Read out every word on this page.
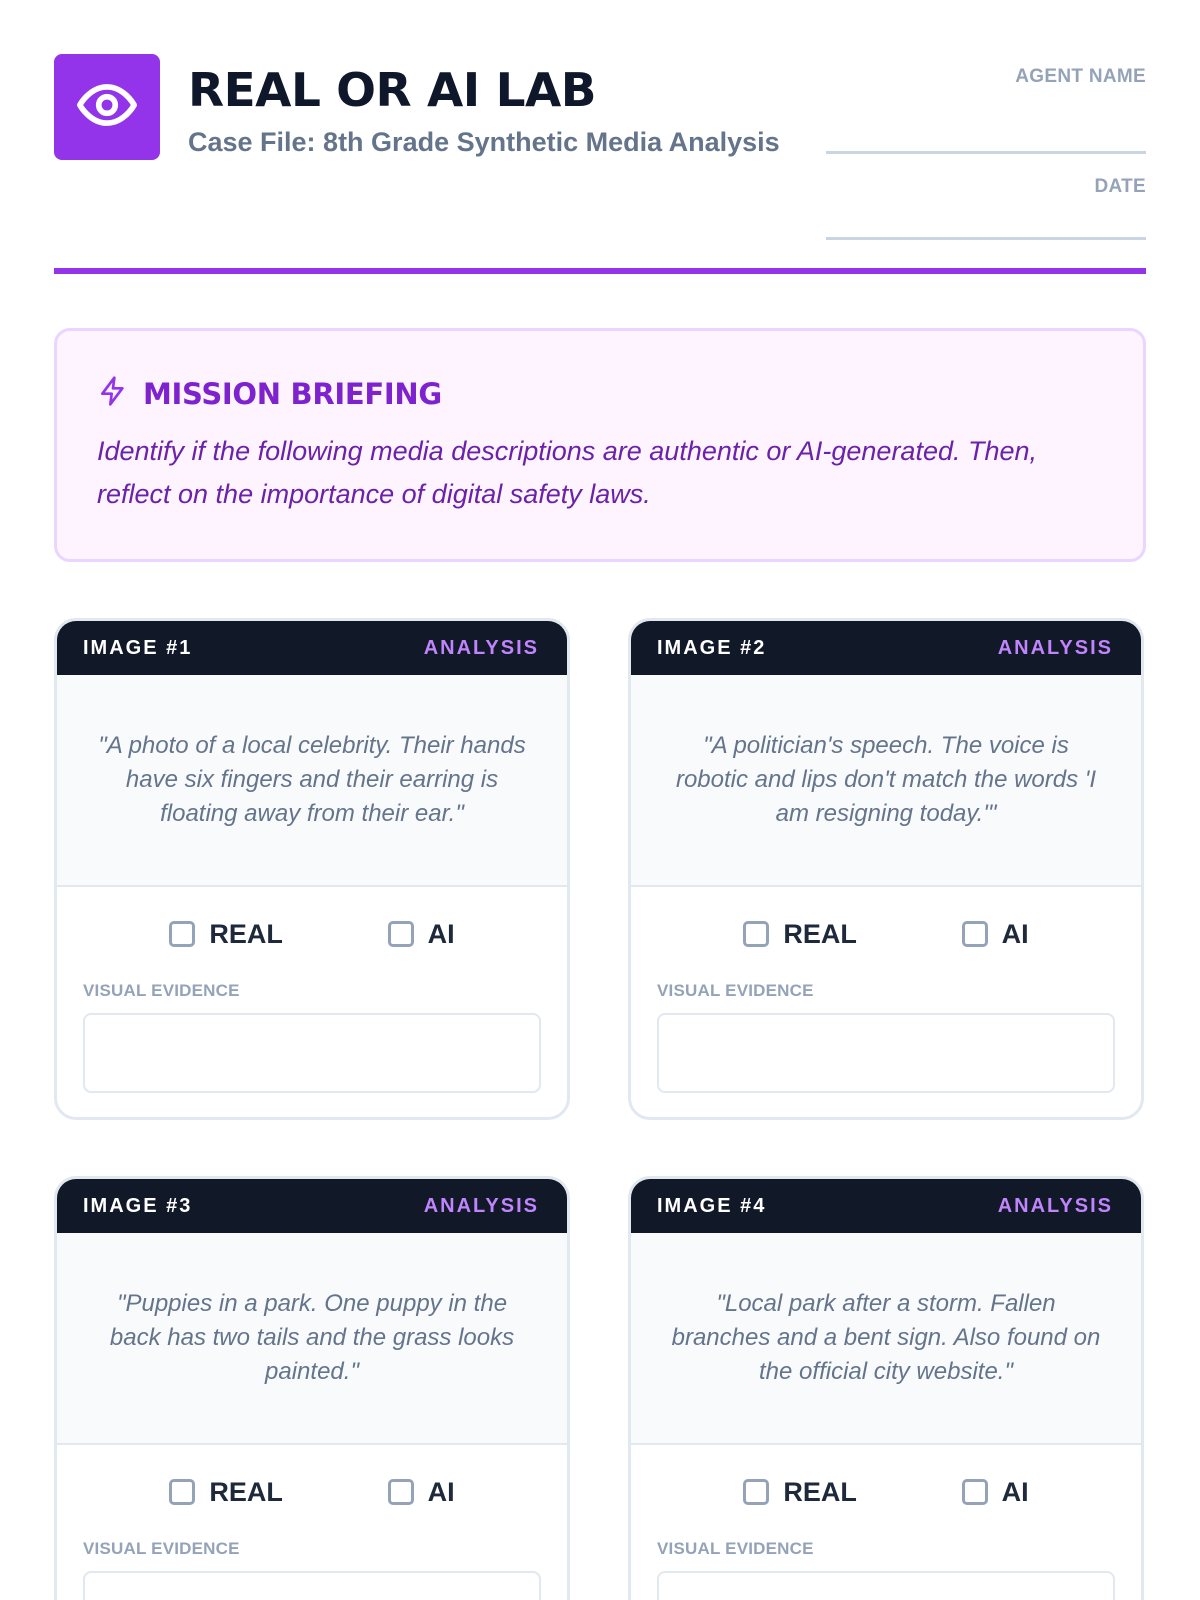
REAL OR AI LAB
Case File: 8th Grade Synthetic Media Analysis
AGENT NAME
DATE
MISSION BRIEFING

Identify if the following media descriptions are authentic or AI-generated. Then, reflect on the importance of digital safety laws.

IMAGE #1	ANALYSIS

"A photo of a local celebrity. Their hands have six fingers and their earring is floating away from their ear."

REAL	AI
VISUAL EVIDENCE
IMAGE #2	ANALYSIS

"A politician's speech. The voice is robotic and lips don't match the words 'I am resigning today.'"

REAL	AI
VISUAL EVIDENCE
IMAGE #3	ANALYSIS

"Puppies in a park. One puppy in the back has two tails and the grass looks painted."

REAL	AI
VISUAL EVIDENCE
IMAGE #4	ANALYSIS

"Local park after a storm. Fallen branches and a bent sign. Also found on the official city website."

REAL	AI
VISUAL EVIDENCE
